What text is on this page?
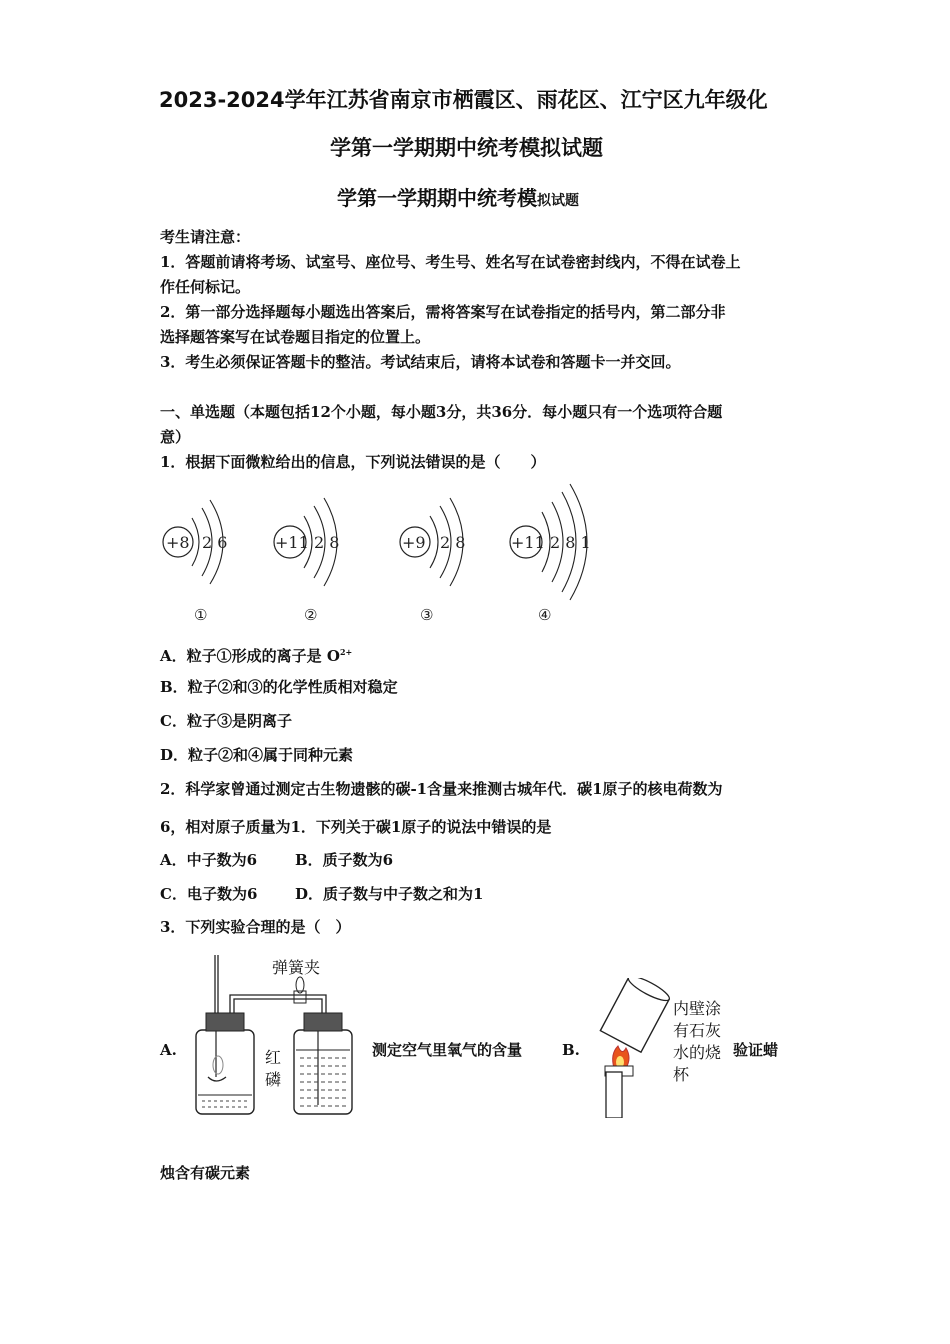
2023-2024学年江苏省南京市栖霞区、雨花区、江宁区九年级化
学第一学期期中统考模拟试题
学第一学期期中统考模拟试题
考生请注意：
1．答题前请将考场、试室号、座位号、考生号、姓名写在试卷密封线内，不得在试卷上
作任何标记。
2．第一部分选择题每小题选出答案后，需将答案写在试卷指定的括号内，第二部分非
选择题答案写在试卷题目指定的位置上。
3．考生必须保证答题卡的整洁。考试结束后，请将本试卷和答题卡一并交回。
一、单选题（本题包括12个小题，每小题3分，共36分．每小题只有一个选项符合题
意）
1．根据下面微粒给出的信息，下列说法错误的是（　　）
+8 2 6
①
+11 2 8
②
+9 2 8
③
+11 2 8 1
④
A．粒子①形成的离子是 $O^{2+}$
B．粒子②和③的化学性质相对稳定
C．粒子③是阴离子
D．粒子②和④属于同种元素
2．科学家曾通过测定古生物遗骸的碳-1含量来推测古城年代．碳1原子的核电荷数为
6，相对原子质量为1．下列关于碳1原子的说法中错误的是
A．中子数为6	B．质子数为6
C．电子数为6	D．质子数与中子数之和为1
3．下列实验合理的是（　）
A.
弹簧夹
红
磷
测定空气里氧气的含量	B.
内壁涂
有石灰
水的烧
杯
验证蜡
烛含有碳元素
